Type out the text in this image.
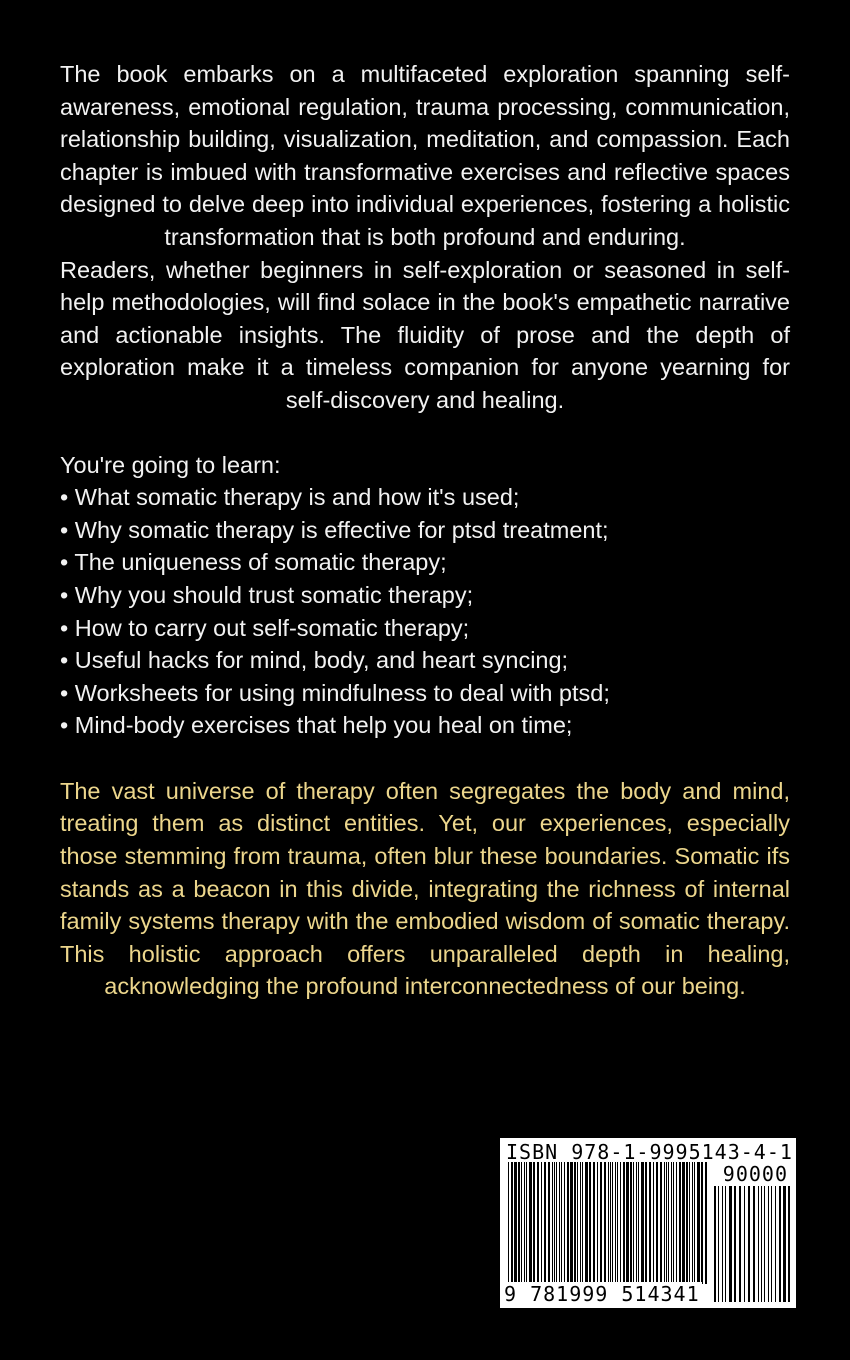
The book embarks on a multifaceted exploration spanning self-awareness, emotional regulation, trauma processing, communication, relationship building, visualization, meditation, and compassion. Each chapter is imbued with transformative exercises and reflective spaces designed to delve deep into individual experiences, fostering a holistic transformation that is both profound and enduring.

Readers, whether beginners in self-exploration or seasoned in self-help methodologies, will find solace in the book's empathetic narrative and actionable insights. The fluidity of prose and the depth of exploration make it a timeless companion for anyone yearning for self-discovery and healing.

You're going to learn:

• What somatic therapy is and how it's used;
• Why somatic therapy is effective for ptsd treatment;
• The uniqueness of somatic therapy;
• Why you should trust somatic therapy;
• How to carry out self-somatic therapy;
• Useful hacks for mind, body, and heart syncing;
• Worksheets for using mindfulness to deal with ptsd;
• Mind-body exercises that help you heal on time;

The vast universe of therapy often segregates the body and mind, treating them as distinct entities. Yet, our experiences, especially those stemming from trauma, often blur these boundaries. Somatic ifs stands as a beacon in this divide, integrating the richness of internal family systems therapy with the embodied wisdom of somatic therapy. This holistic approach offers unparalleled depth in healing, acknowledging the profound interconnectedness of our being.

ISBN 978-1-9995143-4-1
90000
9 781999 514341
